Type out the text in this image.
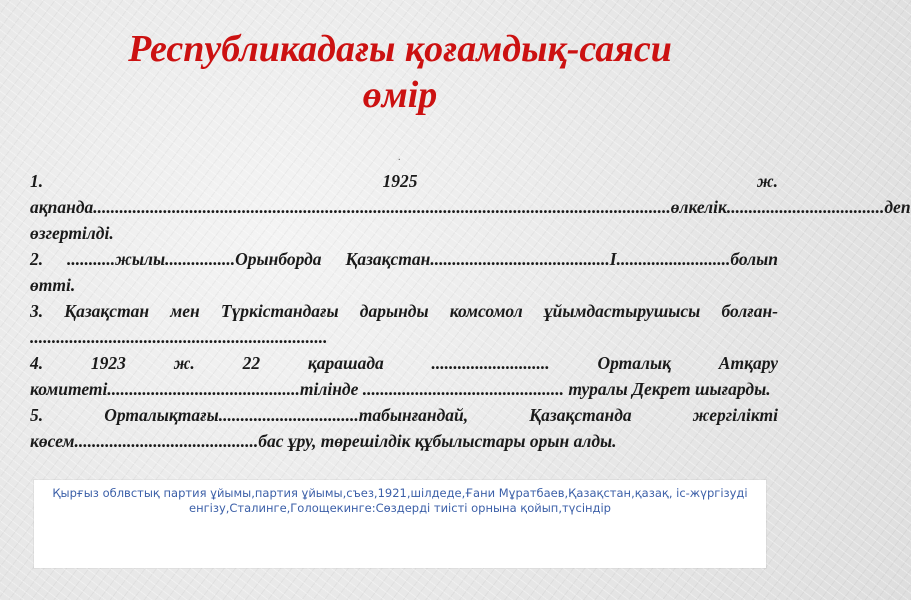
Республикадағы қоғамдық-саяси
өмір
.

1. 1925 ж. ақпанда....................................................................................................................................өлкелік....................................деп өзгертілді.

2. ...........жылы................Орынборда Қазақстан.........................................I..........................болып өтті.

3. Қазақстан мен Түркістандағы дарынды комсомол ұйымдастырушысы болған- ....................................................................

4. 1923 ж. 22 қарашада ........................... Орталық Атқару комитеті............................................тілінде .............................................. туралы Декрет шығарды.

5. Орталықтағы................................табынғандай, Қазақстанда жергілікті көсем..........................................бас ұру, төрешілдік құбылыстары орын алды.

Қырғыз облвстық партия ұйымы,партия ұйымы,съез,1921,шілдеде,Ғани Мұратбаев,Қазақстан,қазақ, іс-жүргізуді енгізу,Сталинге,Голощекинге:Сөздерді тиісті орнына қойып,түсіндір
